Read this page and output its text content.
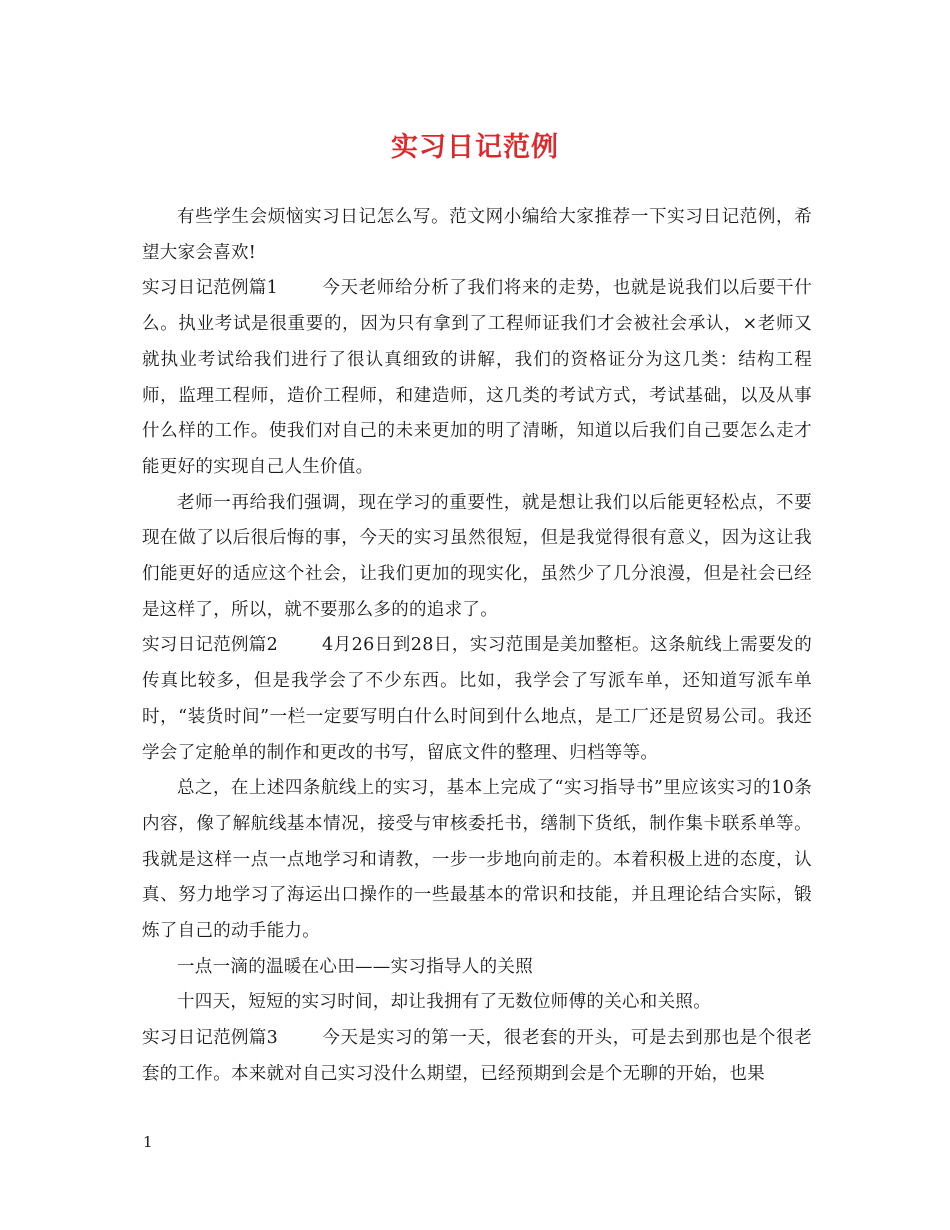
实习日记范例

有些学生会烦恼实习日记怎么写。范文网小编给大家推荐一下实习日记范例，希望大家会喜欢!

实习日记范例篇1	今天老师给分析了我们将来的走势，也就是说我们以后要干什么。执业考试是很重要的，因为只有拿到了工程师证我们才会被社会承认，×老师又就执业考试给我们进行了很认真细致的讲解，我们的资格证分为这几类：结构工程师，监理工程师，造价工程师，和建造师，这几类的考试方式，考试基础，以及从事什么样的工作。使我们对自己的未来更加的明了清晰，知道以后我们自己要怎么走才能更好的实现自己人生价值。

老师一再给我们强调，现在学习的重要性，就是想让我们以后能更轻松点，不要现在做了以后很后悔的事，今天的实习虽然很短，但是我觉得很有意义，因为这让我们能更好的适应这个社会，让我们更加的现实化，虽然少了几分浪漫，但是社会已经是这样了，所以，就不要那么多的的追求了。

实习日记范例篇2	4月26日到28日，实习范围是美加整柜。这条航线上需要发的传真比较多，但是我学会了不少东西。比如，我学会了写派车单，还知道写派车单时，“装货时间”一栏一定要写明白什么时间到什么地点，是工厂还是贸易公司。我还学会了定舱单的制作和更改的书写，留底文件的整理、归档等等。

总之，在上述四条航线上的实习，基本上完成了“实习指导书”里应该实习的10条内容，像了解航线基本情况，接受与审核委托书，缮制下货纸，制作集卡联系单等。我就是这样一点一点地学习和请教，一步一步地向前走的。本着积极上进的态度，认真、努力地学习了海运出口操作的一些最基本的常识和技能，并且理论结合实际，锻炼了自己的动手能力。

一点一滴的温暖在心田——实习指导人的关照

十四天，短短的实习时间，却让我拥有了无数位师傅的关心和关照。

实习日记范例篇3	今天是实习的第一天，很老套的开头，可是去到那也是个很老套的工作。本来就对自己实习没什么期望，已经预期到会是个无聊的开始，也果

1
